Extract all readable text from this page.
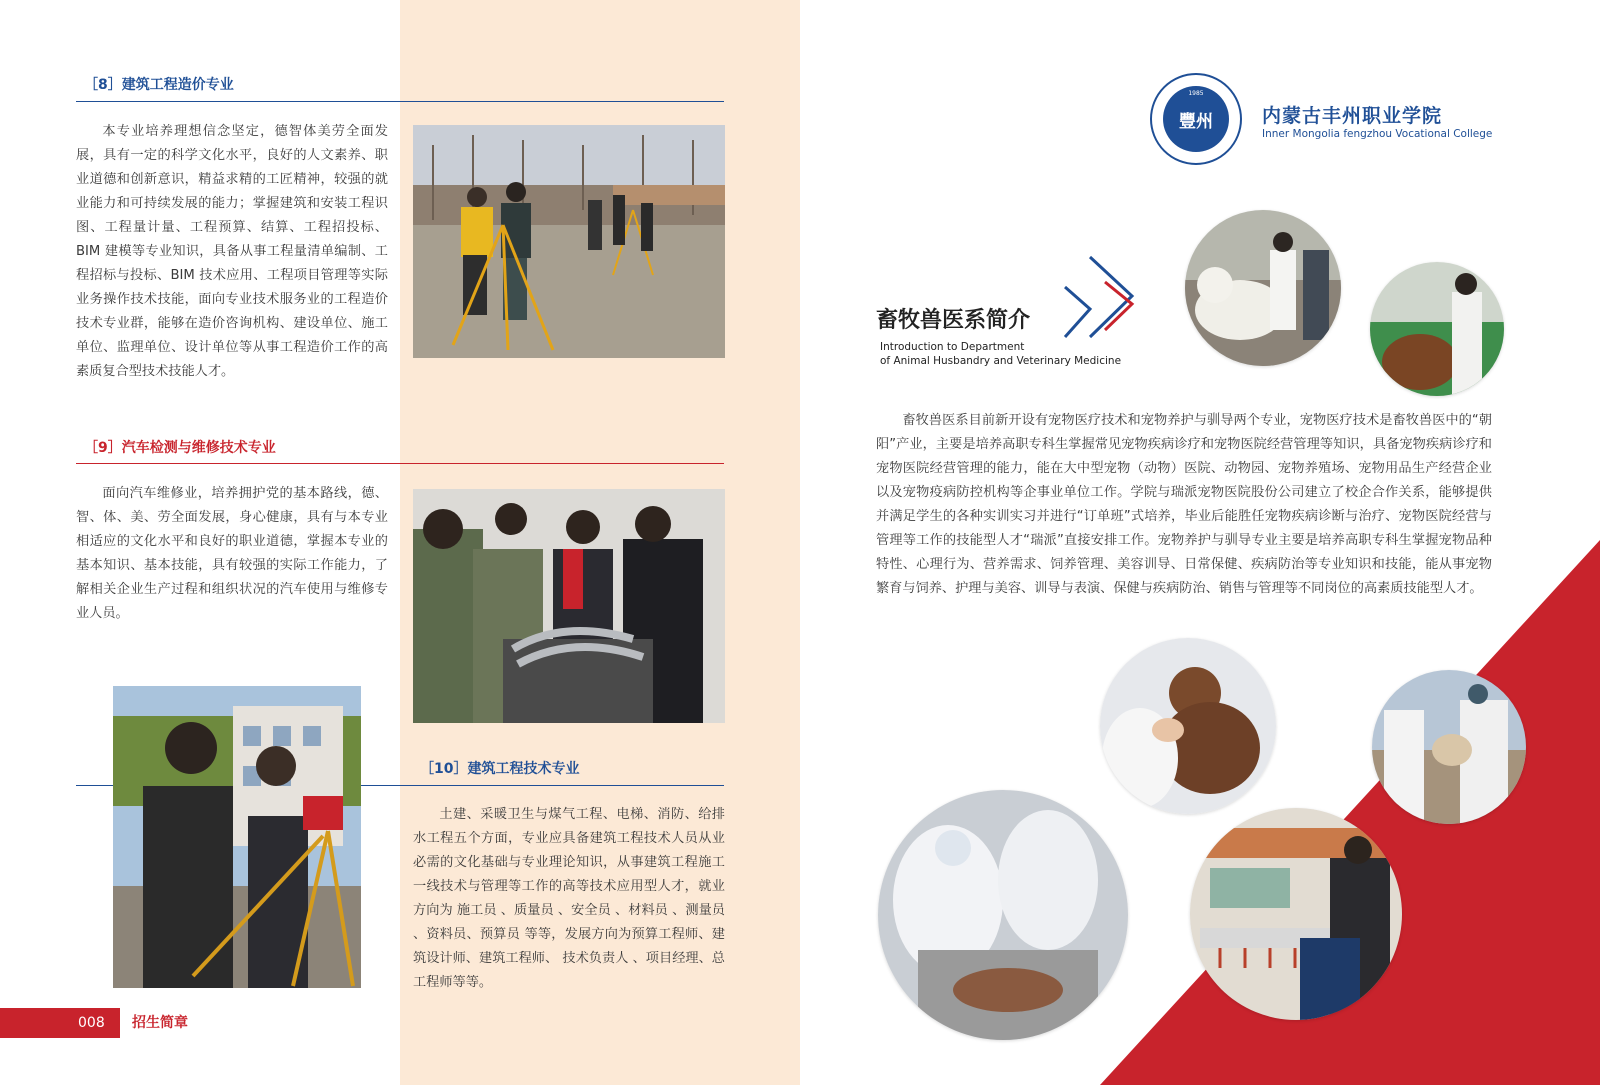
［8］建筑工程造价专业

本专业培养理想信念坚定，德智体美劳全面发展，具有一定的科学文化水平，良好的人文素养、职业道德和创新意识，精益求精的工匠精神，较强的就业能力和可持续发展的能力；掌握建筑和安装工程识图、工程量计量、工程预算、结算、工程招投标、BIM 建模等专业知识，具备从事工程量清单编制、工程招标与投标、BIM 技术应用、工程项目管理等实际业务操作技术技能，面向专业技术服务业的工程造价技术专业群，能够在造价咨询机构、建设单位、施工单位、监理单位、设计单位等从事工程造价工作的高素质复合型技术技能人才。

［9］汽车检测与维修技术专业

面向汽车维修业，培养拥护党的基本路线，德、智、体、美、劳全面发展，身心健康，具有与本专业相适应的文化水平和良好的职业道德，掌握本专业的基本知识、基本技能，具有较强的实际工作能力，了解相关企业生产过程和组织状况的汽车使用与维修专业人员。

［10］建筑工程技术专业

土建、采暖卫生与煤气工程、电梯、消防、给排水工程五个方面，专业应具备建筑工程技术人员从业必需的文化基础与专业理论知识，从事建筑工程施工一线技术与管理等工作的高等技术应用型人才，就业方向为 施工员 、质量员 、安全员 、材料员 、测量员 、资料员、预算员 等等，发展方向为预算工程师、建筑设计师、建筑工程师、 技术负责人 、项目经理、总工程师等等。

008 招生简章
1985
豐州	内蒙古丰州职业学院
Inner Mongolia fengzhou Vocational College
畜牧兽医系简介
Introduction to Department
of Animal Husbandry and Veterinary Medicine

畜牧兽医系目前新开设有宠物医疗技术和宠物养护与驯导两个专业，宠物医疗技术是畜牧兽医中的“朝阳”产业，主要是培养高职专科生掌握常见宠物疾病诊疗和宠物医院经营管理等知识，具备宠物疾病诊疗和宠物医院经营管理的能力，能在大中型宠物（动物）医院、动物园、宠物养殖场、宠物用品生产经营企业以及宠物疫病防控机构等企事业单位工作。学院与瑞派宠物医院股份公司建立了校企合作关系，能够提供并满足学生的各种实训实习并进行“订单班”式培养，毕业后能胜任宠物疾病诊断与治疗、宠物医院经营与管理等工作的技能型人才“瑞派”直接安排工作。宠物养护与驯导专业主要是培养高职专科生掌握宠物品种特性、心理行为、营养需求、饲养管理、美容训导、日常保健、疾病防治等专业知识和技能，能从事宠物繁育与饲养、护理与美容、训导与表演、保健与疾病防治、销售与管理等不同岗位的高素质技能型人才。
